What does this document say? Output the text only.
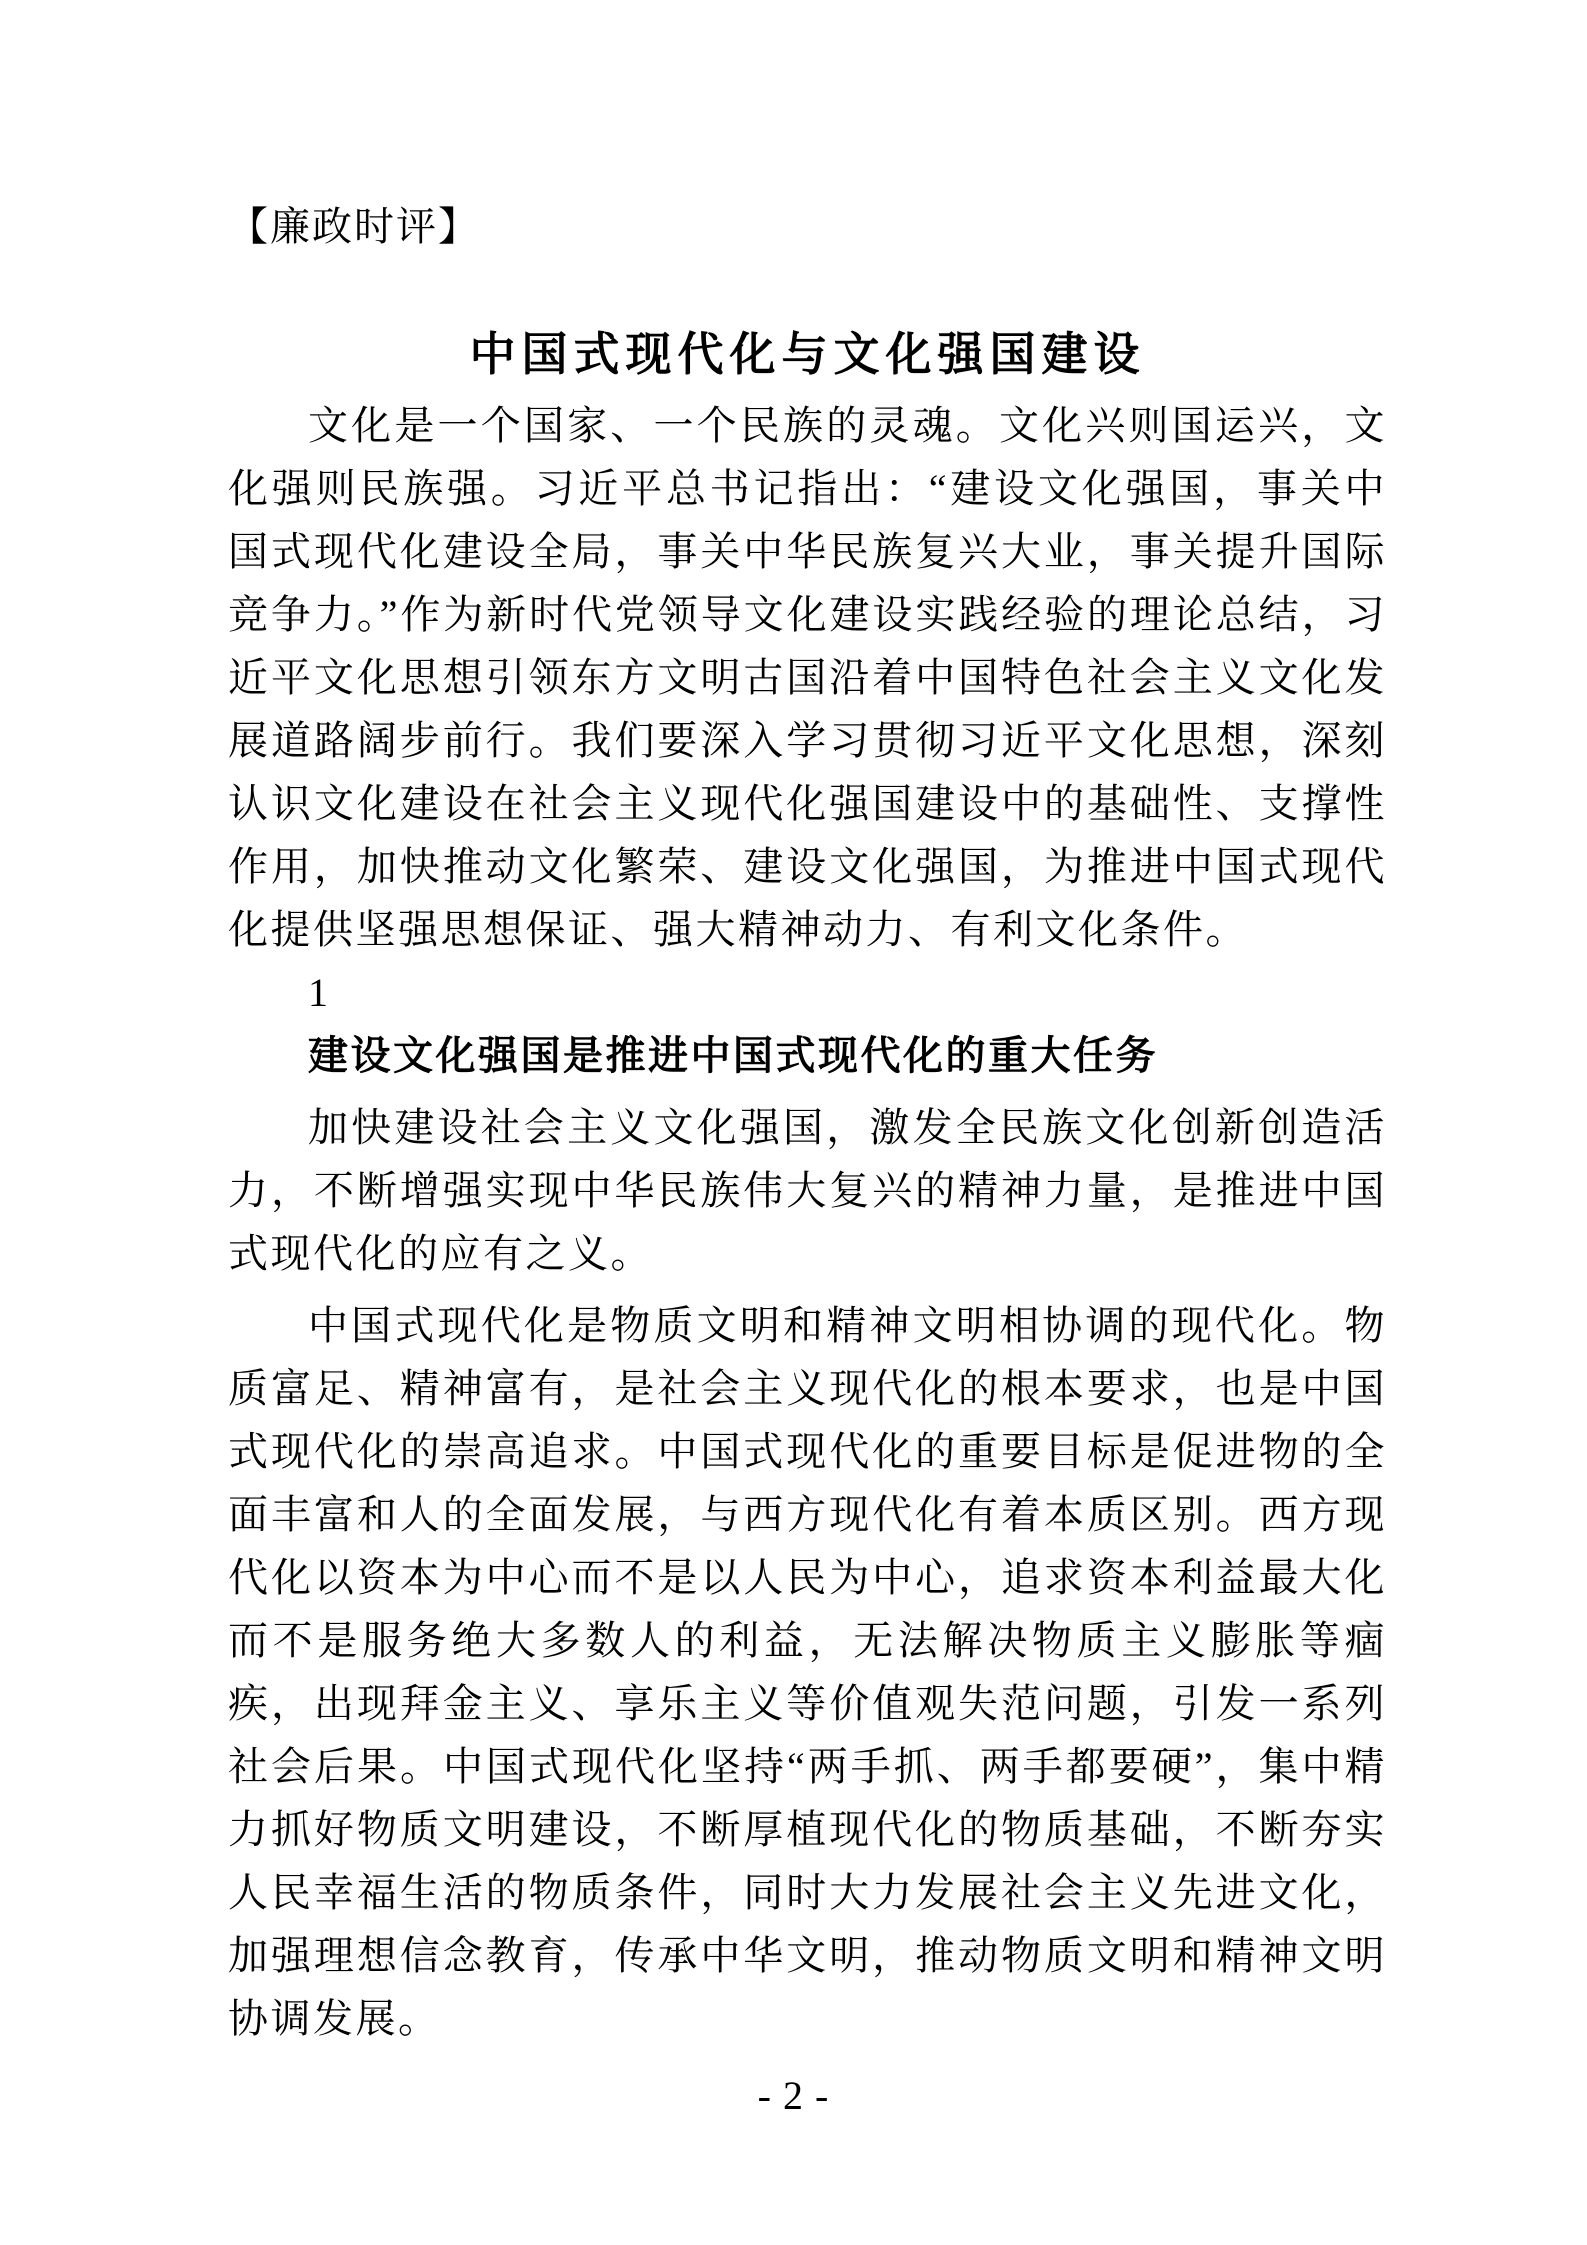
【廉政时评】
中国式现代化与文化强国建设

文化是一个国家、一个民族的灵魂。文化兴则国运兴，文化强则民族强。习近平总书记指出：“建设文化强国，事关中国式现代化建设全局，事关中华民族复兴大业，事关提升国际竞争力。”作为新时代党领导文化建设实践经验的理论总结，习近平文化思想引领东方文明古国沿着中国特色社会主义文化发展道路阔步前行。我们要深入学习贯彻习近平文化思想，深刻认识文化建设在社会主义现代化强国建设中的基础性、支撑性作用，加快推动文化繁荣、建设文化强国，为推进中国式现代化提供坚强思想保证、强大精神动力、有利文化条件。

1

建设文化强国是推进中国式现代化的重大任务

加快建设社会主义文化强国，激发全民族文化创新创造活力，不断增强实现中华民族伟大复兴的精神力量，是推进中国式现代化的应有之义。

中国式现代化是物质文明和精神文明相协调的现代化。物质富足、精神富有，是社会主义现代化的根本要求，也是中国式现代化的崇高追求。中国式现代化的重要目标是促进物的全面丰富和人的全面发展，与西方现代化有着本质区别。西方现代化以资本为中心而不是以人民为中心，追求资本利益最大化而不是服务绝大多数人的利益，无法解决物质主义膨胀等痼疾，出现拜金主义、享乐主义等价值观失范问题，引发一系列社会后果。中国式现代化坚持“两手抓、两手都要硬”，集中精力抓好物质文明建设，不断厚植现代化的物质基础，不断夯实人民幸福生活的物质条件，同时大力发展社会主义先进文化，加强理想信念教育，传承中华文明，推动物质文明和精神文明协调发展。

- 2 -
